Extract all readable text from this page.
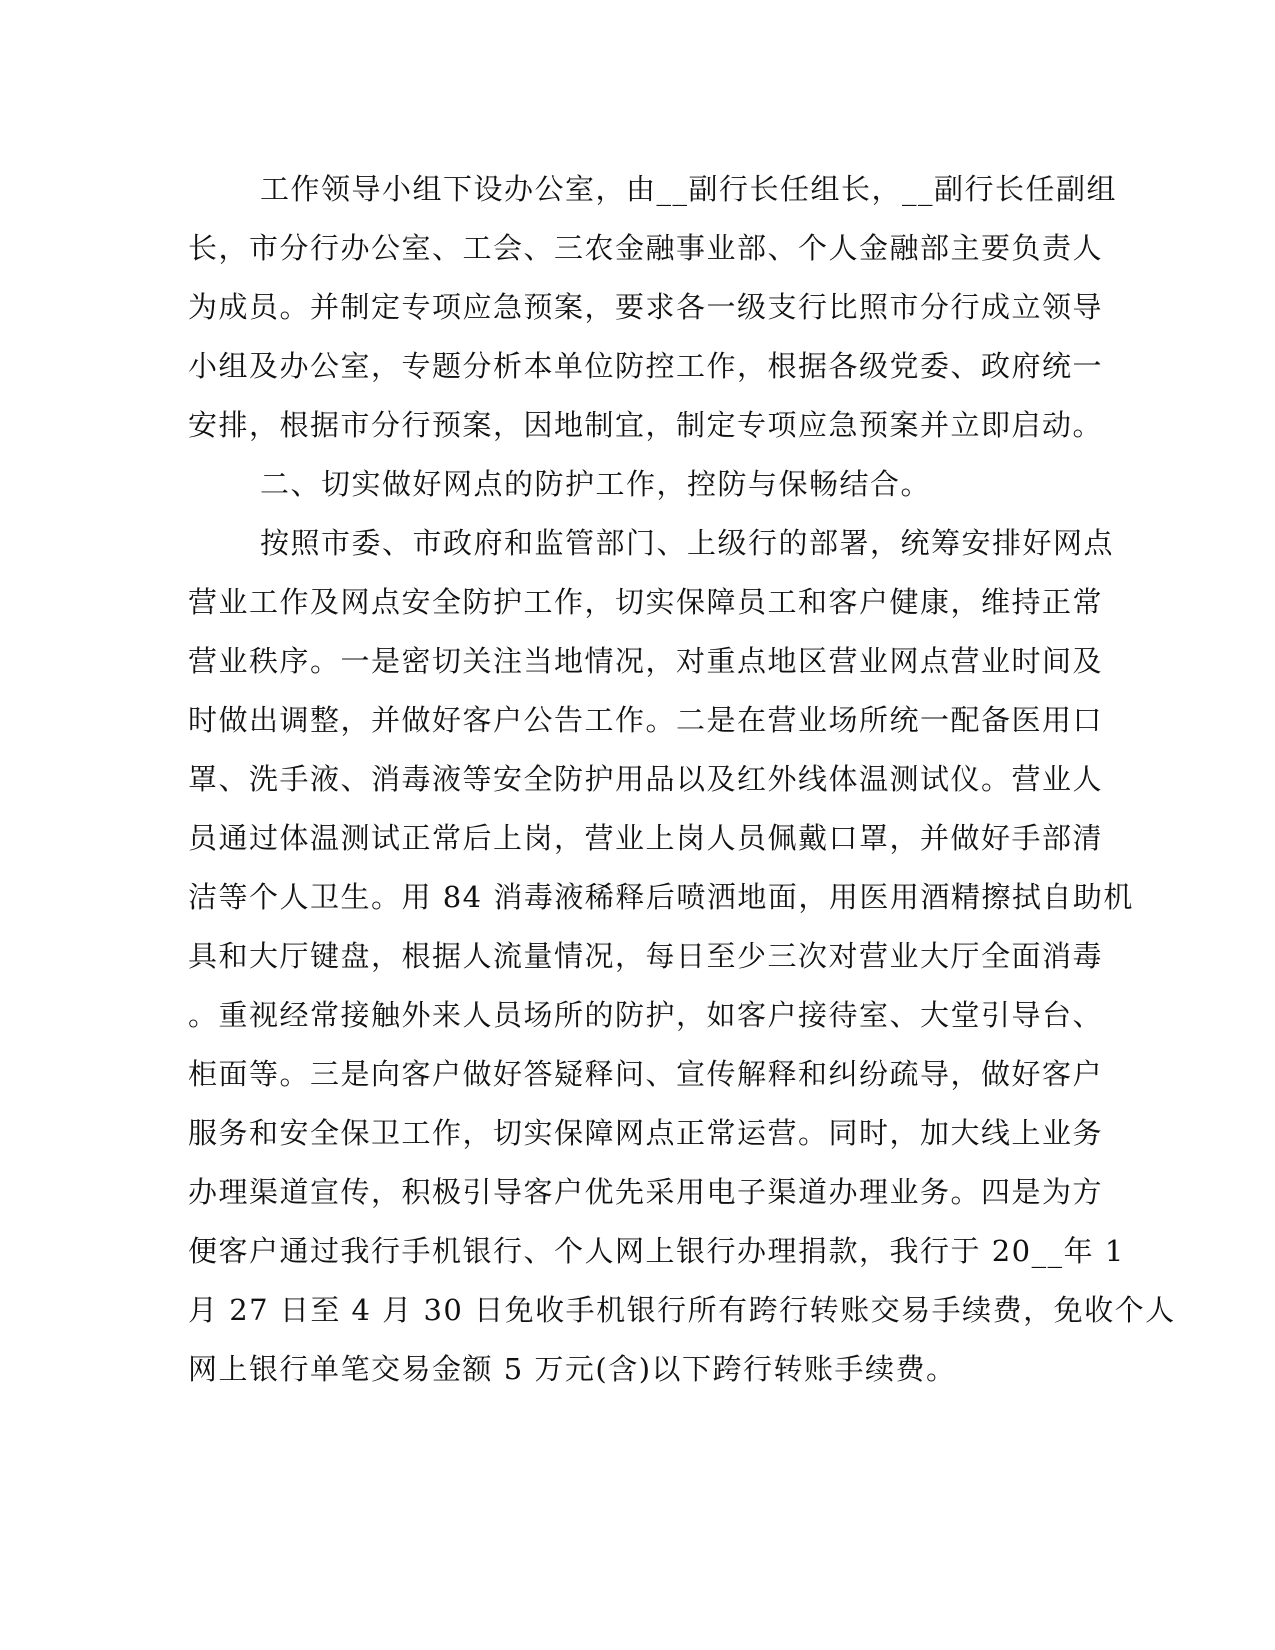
工作领导小组下设办公室，由__副行长任组长，__副行长任副组
长，市分行办公室、工会、三农金融事业部、个人金融部主要负责人
为成员。并制定专项应急预案，要求各一级支行比照市分行成立领导
小组及办公室，专题分析本单位防控工作，根据各级党委、政府统一
安排，根据市分行预案，因地制宜，制定专项应急预案并立即启动。
二、切实做好网点的防护工作，控防与保畅结合。
按照市委、市政府和监管部门、上级行的部署，统筹安排好网点
营业工作及网点安全防护工作，切实保障员工和客户健康，维持正常
营业秩序。一是密切关注当地情况，对重点地区营业网点营业时间及
时做出调整，并做好客户公告工作。二是在营业场所统一配备医用口
罩、洗手液、消毒液等安全防护用品以及红外线体温测试仪。营业人
员通过体温测试正常后上岗，营业上岗人员佩戴口罩，并做好手部清
洁等个人卫生。用 84 消毒液稀释后喷洒地面，用医用酒精擦拭自助机
具和大厅键盘，根据人流量情况，每日至少三次对营业大厅全面消毒
。重视经常接触外来人员场所的防护，如客户接待室、大堂引导台、
柜面等。三是向客户做好答疑释问、宣传解释和纠纷疏导，做好客户
服务和安全保卫工作，切实保障网点正常运营。同时，加大线上业务
办理渠道宣传，积极引导客户优先采用电子渠道办理业务。四是为方
便客户通过我行手机银行、个人网上银行办理捐款，我行于 20__年 1
月 27 日至 4 月 30 日免收手机银行所有跨行转账交易手续费，免收个人
网上银行单笔交易金额 5 万元(含)以下跨行转账手续费。
